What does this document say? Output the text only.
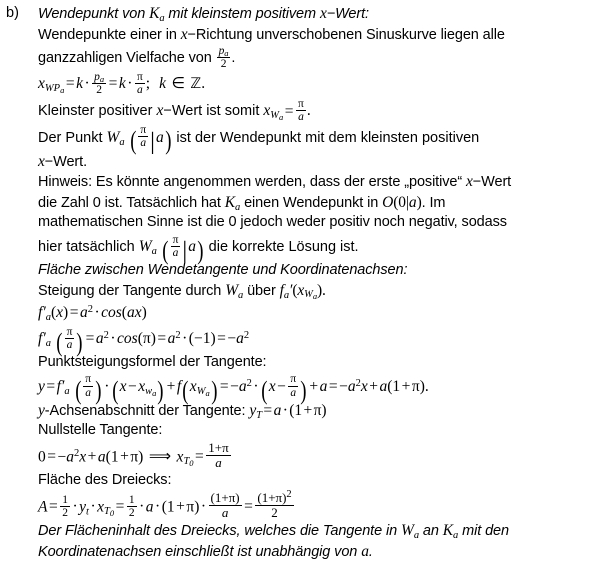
b) Wendepunkt von $K_a$ mit kleinstem positivem x−Wert:
Wendepunkte einer in x−Richtung unverschobenen Sinuskurve liegen alle
ganzzahligen Vielfache von $\frac{p_a}{2}$ .
$x_{WP_a}=k\cdot \frac{p_a}{2} =k\cdot \frac{\pi}{a}$ ; k ∈ ℤ.
Kleinster positiver x−Wert ist somit $x_{W_a}= \frac{\pi}{a}$ .
Der Punkt $W_a$ ( $\frac{\pi}{a} |a$) ist der Wendepunkt mit dem kleinsten positiven
x−Wert.
Hinweis: Es könnte angenommen werden, dass der erste „positive“ x−Wert
die Zahl 0 ist. Tatsächlich hat $K_a$ einen Wendepunkt in O(0|a). Im
mathematischen Sinne ist die 0 jedoch weder positiv noch negativ, sodass
hier tatsächlich $W_a$ ( $\frac{\pi}{a} |a$) die korrekte Lösung ist.
Fläche zwischen Wendetangente und Koordinatenachsen:
Steigung der Tangente durch $W_a$ über $f_a'(x_{W_a})$.
$f'_a(x)=a^2\cdot\cos(ax)$
$f'_a$ ( $\frac{\pi}{a}$ ) $=a^2\cdot\cos(\pi)=a^2\cdot(-1)=-a^2$
Punktsteigungsformel der Tangente:
$y=f'_a$ ( $\frac{\pi}{a}$ ) · $(x-x_{w_a}) +f(x_{W_a}) =-a^2\cdot (x- \frac{\pi}{a}$ ) $+a=-a^2x+a(1+\pi)$.
y-Achsenabschnitt der Tangente: $y_T=a\cdot(1+\pi)$
Nullstelle Tangente:
$0=-a^2x+a(1+\pi)$ ⟹ $x_{T_0}= \frac{1+\pi}{a}$
Fläche des Dreiecks:
$A= \frac{1}{2} \cdot y_t\cdot x_{T_0}= \frac{1}{2} \cdot a\cdot(1+\pi)\cdot \frac{(1+\pi)}{a} = \frac{(1+\pi)^2}{2}$
Der Flächeninhalt des Dreiecks, welches die Tangente in $W_a$ an $K_a$ mit den
Koordinatenachsen einschließt ist unabhängig von a.
